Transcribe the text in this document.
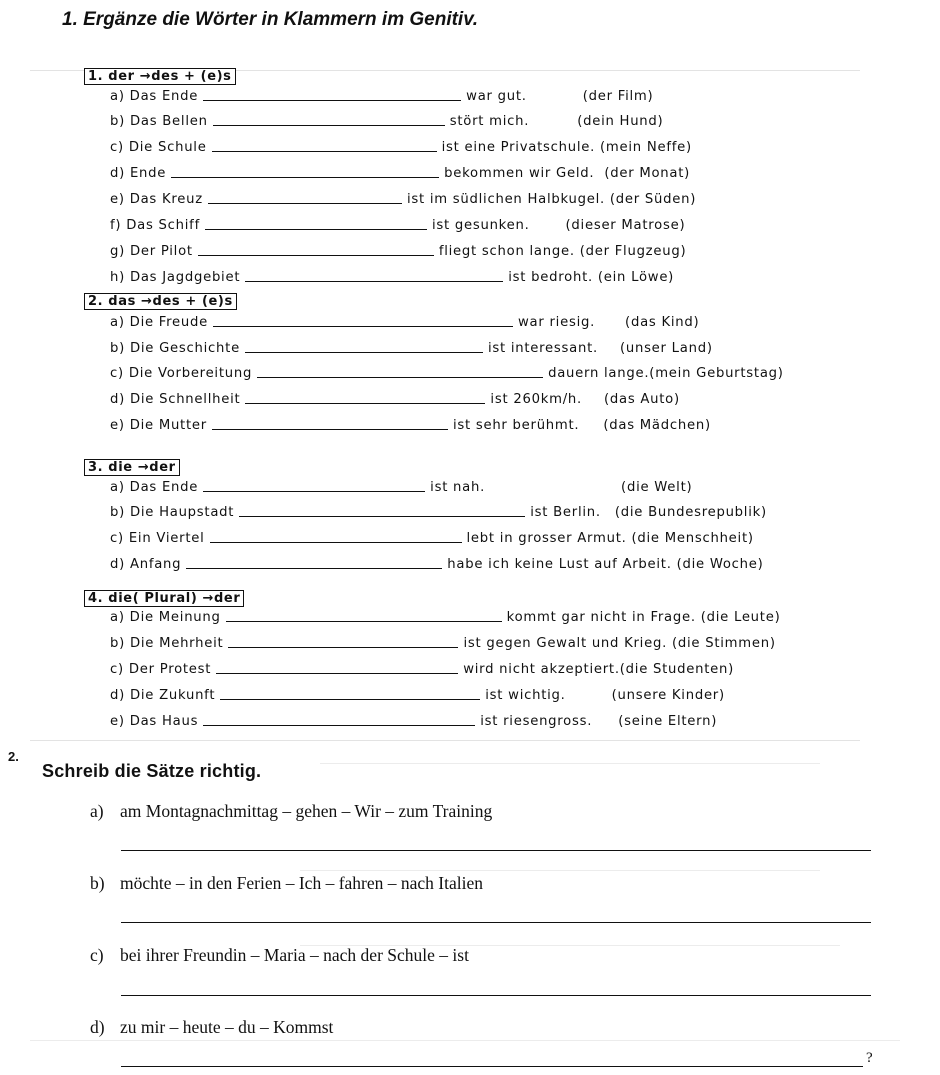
1. Ergänze die Wörter in Klammern im Genitiv.
1. der →des + (e)s
a) Das Ende	war gut.	(der Film)
b) Das Bellen	stört mich.	(dein Hund)
c) Die Schule	ist eine Privatschule. (mein Neffe)
d) Ende	bekommen wir Geld. (der Monat)
e) Das Kreuz	ist im südlichen Halbkugel. (der Süden)
f) Das Schiff	ist gesunken.	(dieser Matrose)
g) Der Pilot	fliegt schon lange. (der Flugzeug)
h) Das Jagdgebiet	ist bedroht. (ein Löwe)
2. das →des + (e)s
a) Die Freude	war riesig. (das Kind)
b) Die Geschichte	ist interessant. (unser Land)
c) Die Vorbereitung	dauern lange.(mein Geburtstag)
d) Die Schnellheit	ist 260km/h. (das Auto)
e) Die Mutter	ist sehr berühmt. (das Mädchen)
3. die →der
a) Das Ende	ist nah.	(die Welt)
b) Die Haupstadt	ist Berlin. (die Bundesrepublik)
c) Ein Viertel	lebt in grosser Armut. (die Menschheit)
d) Anfang	habe ich keine Lust auf Arbeit. (die Woche)
4. die( Plural) →der
a) Die Meinung	kommt gar nicht in Frage. (die Leute)
b) Die Mehrheit	ist gegen Gewalt und Krieg. (die Stimmen)
c) Der Protest	wird nicht akzeptiert.(die Studenten)
d) Die Zukunft	ist wichtig.	(unsere Kinder)
e) Das Haus	ist riesengross. (seine Eltern)
2.
Schreib die Sätze richtig.
a) am Montagnachmittag – gehen – Wir – zum Training
b) möchte – in den Ferien – Ich – fahren – nach Italien
c) bei ihrer Freundin – Maria – nach der Schule – ist
d) zu mir – heute – du – Kommst
?
